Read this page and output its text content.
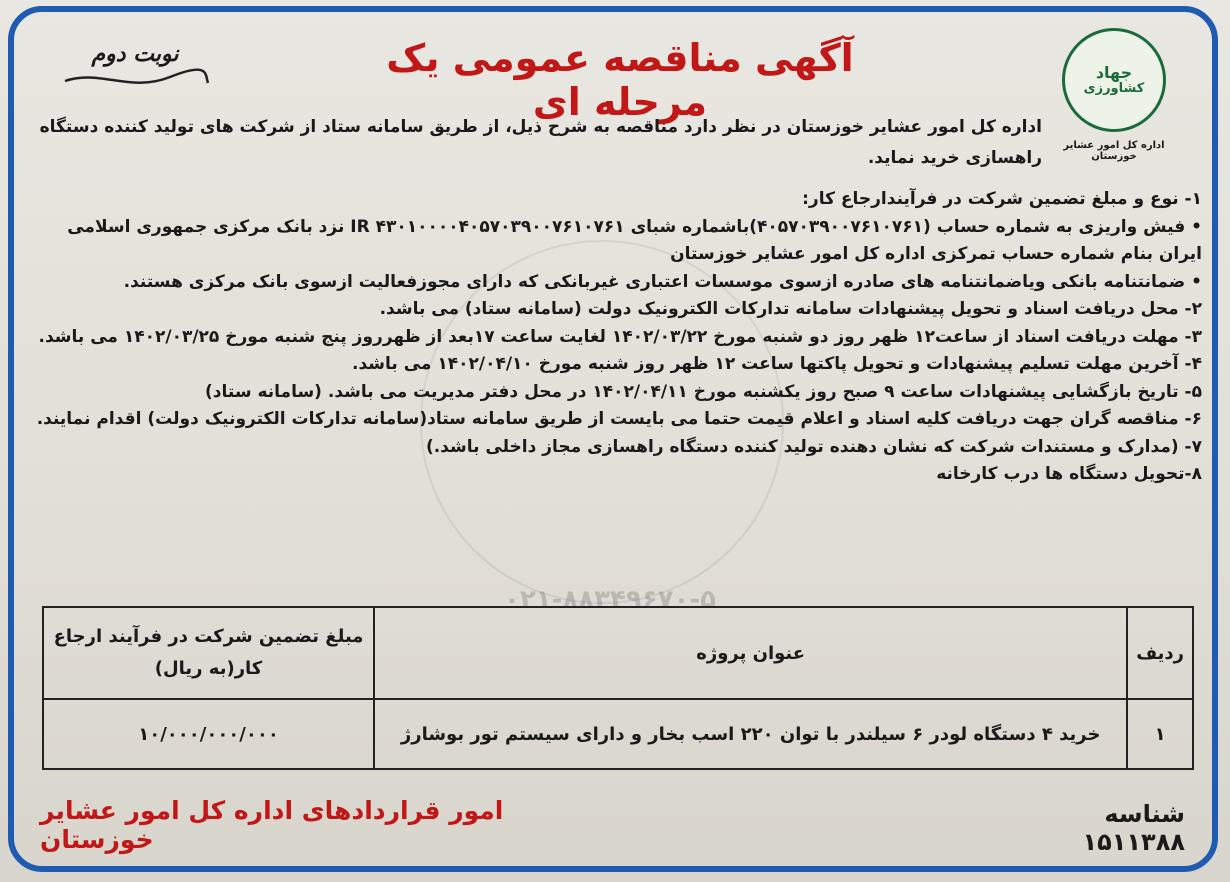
جهاد
کشاورزی
اداره کل امور عشایر خوزستان
آگهی مناقصه عمومی یک مرحله ای
نوبت دوم
اداره کل امور عشایر خوزستان در نظر دارد مناقصه به شرح ذیل، از طریق سامانه ستاد از شرکت های تولید کننده دستگاه راهسازی خرید نماید.
۰۲۱-۸۸۳۴۹۶۷۰-۵

۱- نوع و مبلغ تضمین شرکت در فرآیندارجاع کار:

• فیش واریزی به شماره حساب (۴۰۵۷۰۳۹۰۰۷۶۱۰۷۶۱)باشماره شبای IR ۴۳۰۱۰۰۰۰۴۰۵۷۰۳۹۰۰۷۶۱۰۷۶۱ نزد بانک مرکزی جمهوری اسلامی ایران بنام شماره حساب تمرکزی اداره کل امور عشایر خوزستان

• ضمانتنامه بانکی ویاضمانتنامه های صادره ازسوی موسسات اعتباری غیربانکی که دارای مجوزفعالیت ازسوی بانک مرکزی هستند.

۲- محل دریافت اسناد و تحویل پیشنهادات سامانه تدارکات الکترونیک دولت (سامانه ستاد) می باشد.

۳- مهلت دریافت اسناد از ساعت۱۲ ظهر روز دو شنبه مورخ ۱۴۰۲/۰۳/۲۲ لغایت ساعت ۱۷بعد از ظهرروز پنج شنبه مورخ ۱۴۰۲/۰۳/۲۵ می باشد.

۴- آخرین مهلت تسلیم پیشنهادات و تحویل پاکتها ساعت ۱۲ ظهر روز شنبه مورخ ۱۴۰۲/۰۴/۱۰ می باشد.

۵- تاریخ بازگشایی پیشنهادات ساعت ۹ صبح روز یکشنبه مورخ ۱۴۰۲/۰۴/۱۱ در محل دفتر مدیریت می باشد. (سامانه ستاد)

۶- مناقصه گران جهت دریافت کلیه اسناد و اعلام قیمت حتما می بایست از طریق سامانه ستاد(سامانه تدارکات الکترونیک دولت) اقدام نمایند.

۷- (مدارک و مستندات شرکت که نشان دهنده تولید کننده دستگاه راهسازی مجاز داخلی باشد.)

۸-تحویل دستگاه ها درب کارخانه

ردیف	عنوان پروژه	مبلغ تضمین شرکت در فرآیند ارجاع کار(به ریال)
۱	خرید ۴ دستگاه لودر ۶ سیلندر با توان ۲۲۰ اسب بخار و دارای سیستم تور بوشارژ	۱۰/۰۰۰/۰۰۰/۰۰۰
شناسه ۱۵۱۱۳۸۸
امور قراردادهای اداره کل امور عشایر خوزستان
